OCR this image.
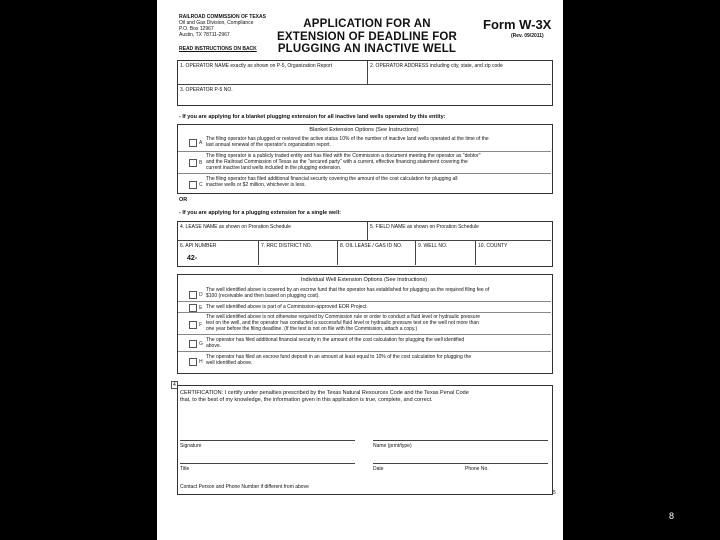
RAILROAD COMMISSION OF TEXAS
Oil and Gas Division, Compliance
P.O. Box 12967
Austin, TX 78711-2967
READ INSTRUCTIONS ON BACK
APPLICATION FOR AN
EXTENSION OF DEADLINE FOR
PLUGGING AN INACTIVE WELL
Form W-3X
(Rev. 09/2011)
1. OPERATOR NAME exactly as shown on P-5, Organization Report	2. OPERATOR ADDRESS including city, state, and zip code
3. OPERATOR P-5 NO.
- If you are applying for a blanket plugging extension for all inactive land wells operated by this entity:
Blanket Extension Options (See Instructions)
A
The filing operator has plugged or restored the active status 10% of the number of inactive land wells operated at the time of the
last annual renewal of the operator's organization report.
B
The filing operator is a publicly traded entity and has filed with the Commission a document meeting the operator as "debtor"
and the Railroad Commission of Texas as the "secured party" with a current, effective financing statement covering the
current inactive land wells included in the plugging extension.
C
The filing operator has filed additional financial security covering the amount of the cost calculation for plugging all
inactive wells or $2 million, whichever is less.
OR
- If you are applying for a plugging extension for a single well:
4. LEASE NAME as shown on Proration Schedule	5. FIELD NAME as shown on Proration Schedule
6. API NUMBER	7. RRC DISTRICT NO.	8. OIL LEASE / GAS ID NO.	9. WELL NO.	10. COUNTY
42-
Individual Well Extension Options (See Instructions)
D
The well identified above is covered by an escrow fund that the operator has established for plugging as the required filing fee of
$100 (receivable and then based on plugging cost).
E The well identified above is part of a Commission-approved EOR Project.
F
The well identified above is not otherwise required by Commission rule or order to conduct a fluid level or hydraulic pressure
test on the well, and the operator has conducted a successful fluid level or hydraulic pressure test on the well not more than
one year before the filing deadline. (If the test is not on file with the Commission, attach a copy.)
G
The operator has filed additional financial security in the amount of the cost calculation for plugging the well identified
above.
H
The operator has filed an escrow fund deposit in an amount at least equal to 10% of the cost calculation for plugging the
well identified above.
4
CERTIFICATION: I certify under penalties prescribed by the Texas Natural Resources Code and the Texas Penal Code
that, to the best of my knowledge, the information given in this application is true, complete, and correct.
Signature	Name (print/type)
Title	Date	Phone No.
Contact Person and Phone Number if different from above
5
8
